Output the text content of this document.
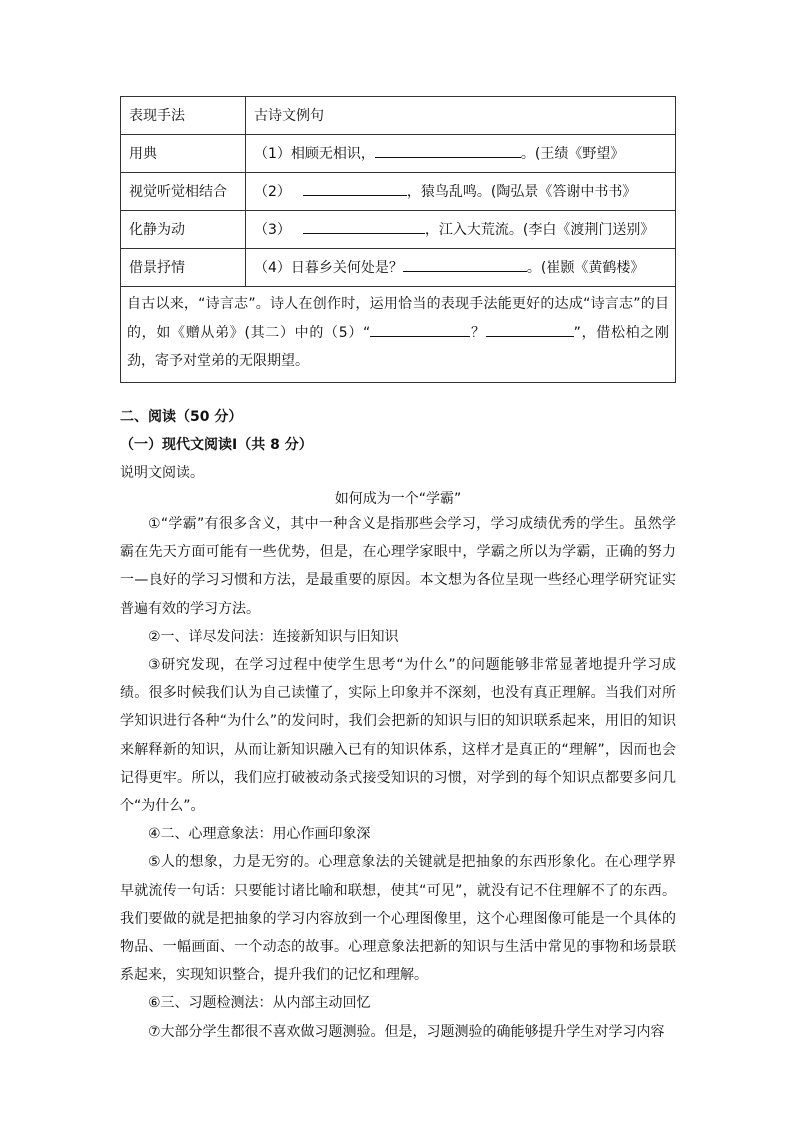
表现手法	古诗文例句
用典	（1）相顾无相识， 。(王绩《野望》
视觉听觉相结合	（2） ，猿鸟乱鸣。(陶弘景《答谢中书书》
化静为动	（3） ，江入大荒流。(李白《渡荆门送别》
借景抒情	（4）日暮乡关何处是？ 。(崔颢《黄鹤楼》
自古以来，“诗言志”。诗人在创作时，运用恰当的表现手法能更好的达成“诗言志”的目的，如《赠从弟》(其二）中的（5）“ ？ ”，借松柏之刚劲，寄予对堂弟的无限期望。	
二、阅读（50 分）
（一）现代文阅读Ⅰ（共 8 分）

说明文阅读。

如何成为一个“学霸”

①“学霸”有很多含义，其中一种含义是指那些会学习，学习成绩优秀的学生。虽然学霸在先天方面可能有一些优势，但是，在心理学家眼中，学霸之所以为学霸，正确的努力一—良好的学习习惯和方法，是最重要的原因。本文想为各位呈现一些经心理学研究证实普遍有效的学习方法。

②一、详尽发问法：连接新知识与旧知识

③研究发现，在学习过程中使学生思考“为什么”的问题能够非常显著地提升学习成绩。很多时候我们认为自己读懂了，实际上印象并不深刻，也没有真正理解。当我们对所学知识进行各种“为什么”的发问时，我们会把新的知识与旧的知识联系起来，用旧的知识来解释新的知识，从而让新知识融入已有的知识体系，这样才是真正的“理解”，因而也会记得更牢。所以，我们应打破被动条式接受知识的习惯，对学到的每个知识点都要多问几个“为什么”。

④二、心理意象法：用心作画印象深

⑤人的想象，力是无穷的。心理意象法的关键就是把抽象的东西形象化。在心理学界早就流传一句话：只要能讨诸比喻和联想，使其“可见”，就没有记不住理解不了的东西。我们要做的就是把抽象的学习内容放到一个心理图像里，这个心理图像可能是一个具体的物品、一幅画面、一个动态的故事。心理意象法把新的知识与生活中常见的事物和场景联系起来，实现知识整合，提升我们的记忆和理解。

⑥三、习题检测法：从内部主动回忆

⑦大部分学生都很不喜欢做习题测验。但是，习题测验的确能够提升学生对学习内容
